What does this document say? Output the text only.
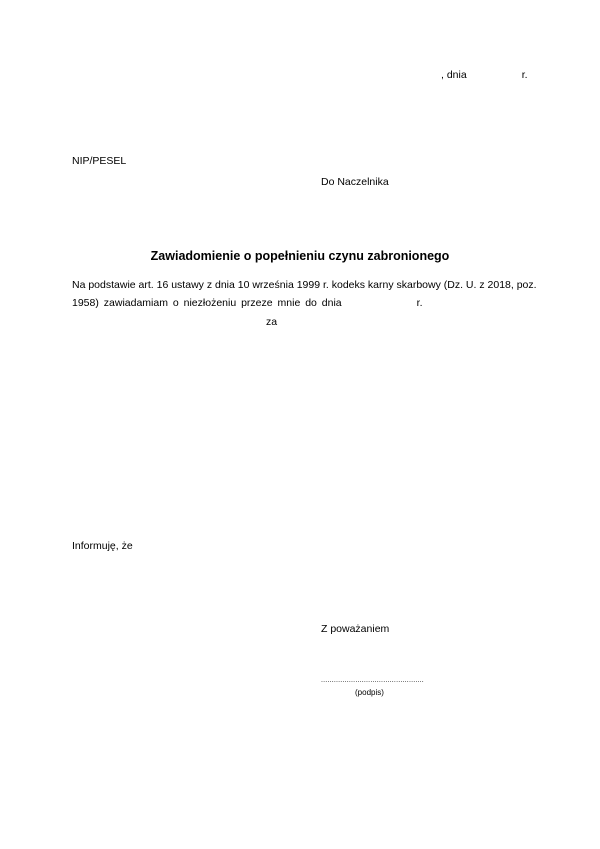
, dnia	r.
NIP/PESEL
Do Naczelnika
Zawiadomienie o popełnieniu czynu zabronionego
Na podstawie art. 16 ustawy z dnia 10 września 1999 r. kodeks karny skarbowy (Dz. U. z 2018, poz.
1958) zawiadamiam o niezłożeniu przeze mnie do dnia	r.
za
Informuję, że
Z poważaniem
................................................
(podpis)
